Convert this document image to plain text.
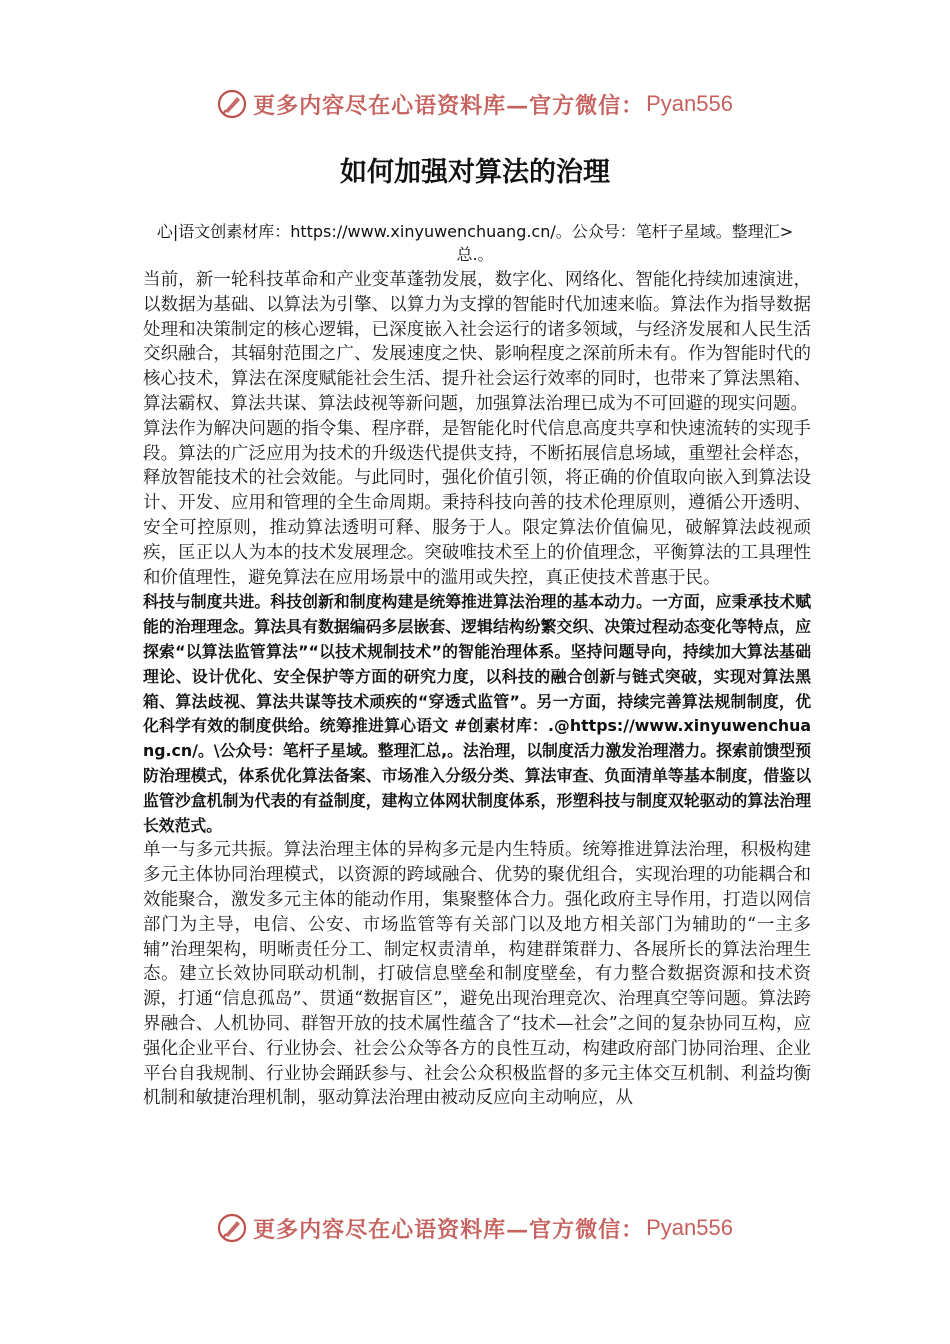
更多内容尽在心语资料库—官方微信： Pyan556
如何加强对算法的治理
心|语文创素材库：https://www.xinyuwenchuang.cn/。公众号：笔杆子星域。整理汇>总.。

当前，新一轮科技革命和产业变革蓬勃发展，数字化、网络化、智能化持续加速演进，以数据为基础、以算法为引擎、以算力为支撑的智能时代加速来临。算法作为指导数据处理和决策制定的核心逻辑，已深度嵌入社会运行的诸多领域，与经济发展和人民生活交织融合，其辐射范围之广、发展速度之快、影响程度之深前所未有。作为智能时代的核心技术，算法在深度赋能社会生活、提升社会运行效率的同时，也带来了算法黑箱、算法霸权、算法共谋、算法歧视等新问题，加强算法治理已成为不可回避的现实问题。

算法作为解决问题的指令集、程序群，是智能化时代信息高度共享和快速流转的实现手段。算法的广泛应用为技术的升级迭代提供支持，不断拓展信息场域，重塑社会样态，释放智能技术的社会效能。与此同时，强化价值引领，将正确的价值取向嵌入到算法设计、开发、应用和管理的全生命周期。秉持科技向善的技术伦理原则，遵循公开透明、安全可控原则，推动算法透明可释、服务于人。限定算法价值偏见，破解算法歧视顽疾，匡正以人为本的技术发展理念。突破唯技术至上的价值理念，平衡算法的工具理性和价值理性，避免算法在应用场景中的滥用或失控，真正使技术普惠于民。

科技与制度共进。科技创新和制度构建是统筹推进算法治理的基本动力。一方面，应秉承技术赋能的治理理念。算法具有数据编码多层嵌套、逻辑结构纷繁交织、决策过程动态变化等特点，应探索“以算法监管算法”“以技术规制技术”的智能治理体系。坚持问题导向，持续加大算法基础理论、设计优化、安全保护等方面的研究力度，以科技的融合创新与链式突破，实现对算法黑箱、算法歧视、算法共谋等技术顽疾的“穿透式监管”。另一方面，持续完善算法规制制度，优化科学有效的制度供给。统筹推进算心语文 #创素材库：.@https://www.xinyuwenchuang.cn/。\公众号：笔杆子星域。整理汇总,。法治理，以制度活力激发治理潜力。探索前馈型预防治理模式，体系优化算法备案、市场准入分级分类、算法审查、负面清单等基本制度，借鉴以监管沙盒机制为代表的有益制度，建构立体网状制度体系，形塑科技与制度双轮驱动的算法治理长效范式。

单一与多元共振。算法治理主体的异构多元是内生特质。统筹推进算法治理，积极构建多元主体协同治理模式，以资源的跨域融合、优势的聚优组合，实现治理的功能耦合和效能聚合，激发多元主体的能动作用，集聚整体合力。强化政府主导作用，打造以网信部门为主导，电信、公安、市场监管等有关部门以及地方相关部门为辅助的“一主多辅”治理架构，明晰责任分工、制定权责清单，构建群策群力、各展所长的算法治理生态。建立长效协同联动机制，打破信息壁垒和制度壁垒，有力整合数据资源和技术资源，打通“信息孤岛”、贯通“数据盲区”，避免出现治理竞次、治理真空等问题。算法跨界融合、人机协同、群智开放的技术属性蕴含了“技术—社会”之间的复杂协同互构，应强化企业平台、行业协会、社会公众等各方的良性互动，构建政府部门协同治理、企业平台自我规制、行业协会踊跃参与、社会公众积极监督的多元主体交互机制、利益均衡机制和敏捷治理机制，驱动算法治理由被动反应向主动响应，从

更多内容尽在心语资料库—官方微信： Pyan556
